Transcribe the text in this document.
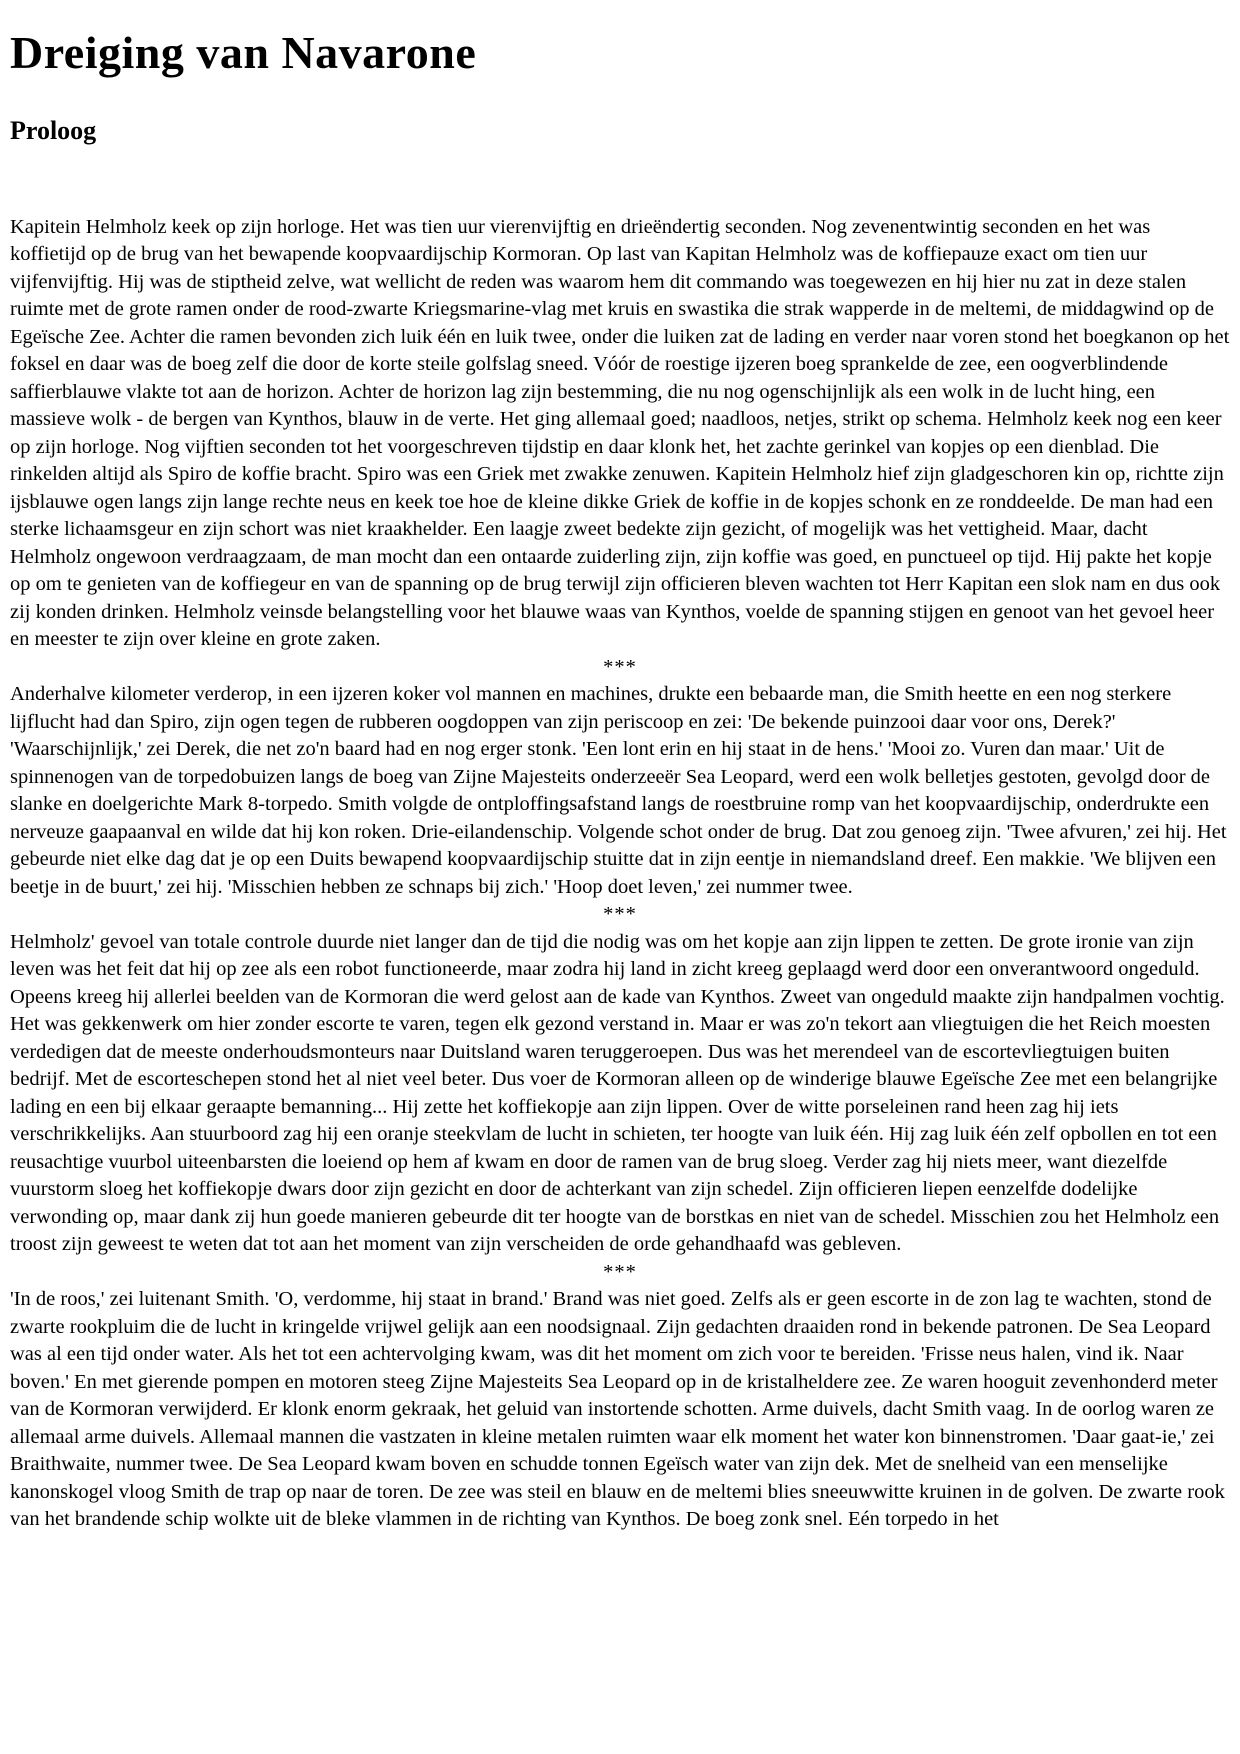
Dreiging van Navarone
Proloog

Kapitein Helmholz keek op zijn horloge. Het was tien uur vierenvijftig en drieëndertig seconden. Nog zevenentwintig seconden en het was koffietijd op de brug van het bewapende koopvaardijschip Kormoran. Op last van Kapitan Helmholz was de koffiepauze exact om tien uur vijfenvijftig. Hij was de stiptheid zelve, wat wellicht de reden was waarom hem dit commando was toegewezen en hij hier nu zat in deze stalen ruimte met de grote ramen onder de rood-zwarte Kriegsmarine-vlag met kruis en swastika die strak wapperde in de meltemi, de middagwind op de Egeïsche Zee. Achter die ramen bevonden zich luik één en luik twee, onder die luiken zat de lading en verder naar voren stond het boegkanon op het foksel en daar was de boeg zelf die door de korte steile golfslag sneed. Vóór de roestige ijzeren boeg sprankelde de zee, een oogverblindende saffierblauwe vlakte tot aan de horizon. Achter de horizon lag zijn bestemming, die nu nog ogenschijnlijk als een wolk in de lucht hing, een massieve wolk - de bergen van Kynthos, blauw in de verte. Het ging allemaal goed; naadloos, netjes, strikt op schema. Helmholz keek nog een keer op zijn horloge. Nog vijftien seconden tot het voorgeschreven tijdstip en daar klonk het, het zachte gerinkel van kopjes op een dienblad. Die rinkelden altijd als Spiro de koffie bracht. Spiro was een Griek met zwakke zenuwen. Kapitein Helmholz hief zijn gladgeschoren kin op, richtte zijn ijsblauwe ogen langs zijn lange rechte neus en keek toe hoe de kleine dikke Griek de koffie in de kopjes schonk en ze ronddeelde. De man had een sterke lichaamsgeur en zijn schort was niet kraakhelder. Een laagje zweet bedekte zijn gezicht, of mogelijk was het vettigheid. Maar, dacht Helmholz ongewoon verdraagzaam, de man mocht dan een ontaarde zuiderling zijn, zijn koffie was goed, en punctueel op tijd. Hij pakte het kopje op om te genieten van de koffiegeur en van de spanning op de brug terwijl zijn officieren bleven wachten tot Herr Kapitan een slok nam en dus ook zij konden drinken. Helmholz veinsde belangstelling voor het blauwe waas van Kynthos, voelde de spanning stijgen en genoot van het gevoel heer en meester te zijn over kleine en grote zaken.

***

Anderhalve kilometer verderop, in een ijzeren koker vol mannen en machines, drukte een bebaarde man, die Smith heette en een nog sterkere lijflucht had dan Spiro, zijn ogen tegen de rubberen oogdoppen van zijn periscoop en zei: 'De bekende puinzooi daar voor ons, Derek?' 'Waarschijnlijk,' zei Derek, die net zo'n baard had en nog erger stonk. 'Een lont erin en hij staat in de hens.' 'Mooi zo. Vuren dan maar.' Uit de spinnenogen van de torpedobuizen langs de boeg van Zijne Majesteits onderzeeër Sea Leopard, werd een wolk belletjes gestoten, gevolgd door de slanke en doelgerichte Mark 8-torpedo. Smith volgde de ontploffingsafstand langs de roestbruine romp van het koopvaardijschip, onderdrukte een nerveuze gaapaanval en wilde dat hij kon roken. Drie-eilandenschip. Volgende schot onder de brug. Dat zou genoeg zijn. 'Twee afvuren,' zei hij. Het gebeurde niet elke dag dat je op een Duits bewapend koopvaardijschip stuitte dat in zijn eentje in niemandsland dreef. Een makkie. 'We blijven een beetje in de buurt,' zei hij. 'Misschien hebben ze schnaps bij zich.' 'Hoop doet leven,' zei nummer twee.

***

Helmholz' gevoel van totale controle duurde niet langer dan de tijd die nodig was om het kopje aan zijn lippen te zetten. De grote ironie van zijn leven was het feit dat hij op zee als een robot functioneerde, maar zodra hij land in zicht kreeg geplaagd werd door een onverantwoord ongeduld. Opeens kreeg hij allerlei beelden van de Kormoran die werd gelost aan de kade van Kynthos. Zweet van ongeduld maakte zijn handpalmen vochtig. Het was gekkenwerk om hier zonder escorte te varen, tegen elk gezond verstand in. Maar er was zo'n tekort aan vliegtuigen die het Reich moesten verdedigen dat de meeste onderhoudsmonteurs naar Duitsland waren teruggeroepen. Dus was het merendeel van de escortevliegtuigen buiten bedrijf. Met de escorteschepen stond het al niet veel beter. Dus voer de Kormoran alleen op de winderige blauwe Egeïsche Zee met een belangrijke lading en een bij elkaar geraapte bemanning... Hij zette het koffiekopje aan zijn lippen. Over de witte porseleinen rand heen zag hij iets verschrikkelijks. Aan stuurboord zag hij een oranje steekvlam de lucht in schieten, ter hoogte van luik één. Hij zag luik één zelf opbollen en tot een reusachtige vuurbol uiteenbarsten die loeiend op hem af kwam en door de ramen van de brug sloeg. Verder zag hij niets meer, want diezelfde vuurstorm sloeg het koffiekopje dwars door zijn gezicht en door de achterkant van zijn schedel. Zijn officieren liepen eenzelfde dodelijke verwonding op, maar dank zij hun goede manieren gebeurde dit ter hoogte van de borstkas en niet van de schedel. Misschien zou het Helmholz een troost zijn geweest te weten dat tot aan het moment van zijn verscheiden de orde gehandhaafd was gebleven.

***

'In de roos,' zei luitenant Smith. 'O, verdomme, hij staat in brand.' Brand was niet goed. Zelfs als er geen escorte in de zon lag te wachten, stond de zwarte rookpluim die de lucht in kringelde vrijwel gelijk aan een noodsignaal. Zijn gedachten draaiden rond in bekende patronen. De Sea Leopard was al een tijd onder water. Als het tot een achtervolging kwam, was dit het moment om zich voor te bereiden. 'Frisse neus halen, vind ik. Naar boven.' En met gierende pompen en motoren steeg Zijne Majesteits Sea Leopard op in de kristalheldere zee. Ze waren hooguit zevenhonderd meter van de Kormoran verwijderd. Er klonk enorm gekraak, het geluid van instortende schotten. Arme duivels, dacht Smith vaag. In de oorlog waren ze allemaal arme duivels. Allemaal mannen die vastzaten in kleine metalen ruimten waar elk moment het water kon binnenstromen. 'Daar gaat-ie,' zei Braithwaite, nummer twee. De Sea Leopard kwam boven en schudde tonnen Egeïsch water van zijn dek. Met de snelheid van een menselijke kanonskogel vloog Smith de trap op naar de toren. De zee was steil en blauw en de meltemi blies sneeuwwitte kruinen in de golven. De zwarte rook van het brandende schip wolkte uit de bleke vlammen in de richting van Kynthos. De boeg zonk snel. Eén torpedo in het
